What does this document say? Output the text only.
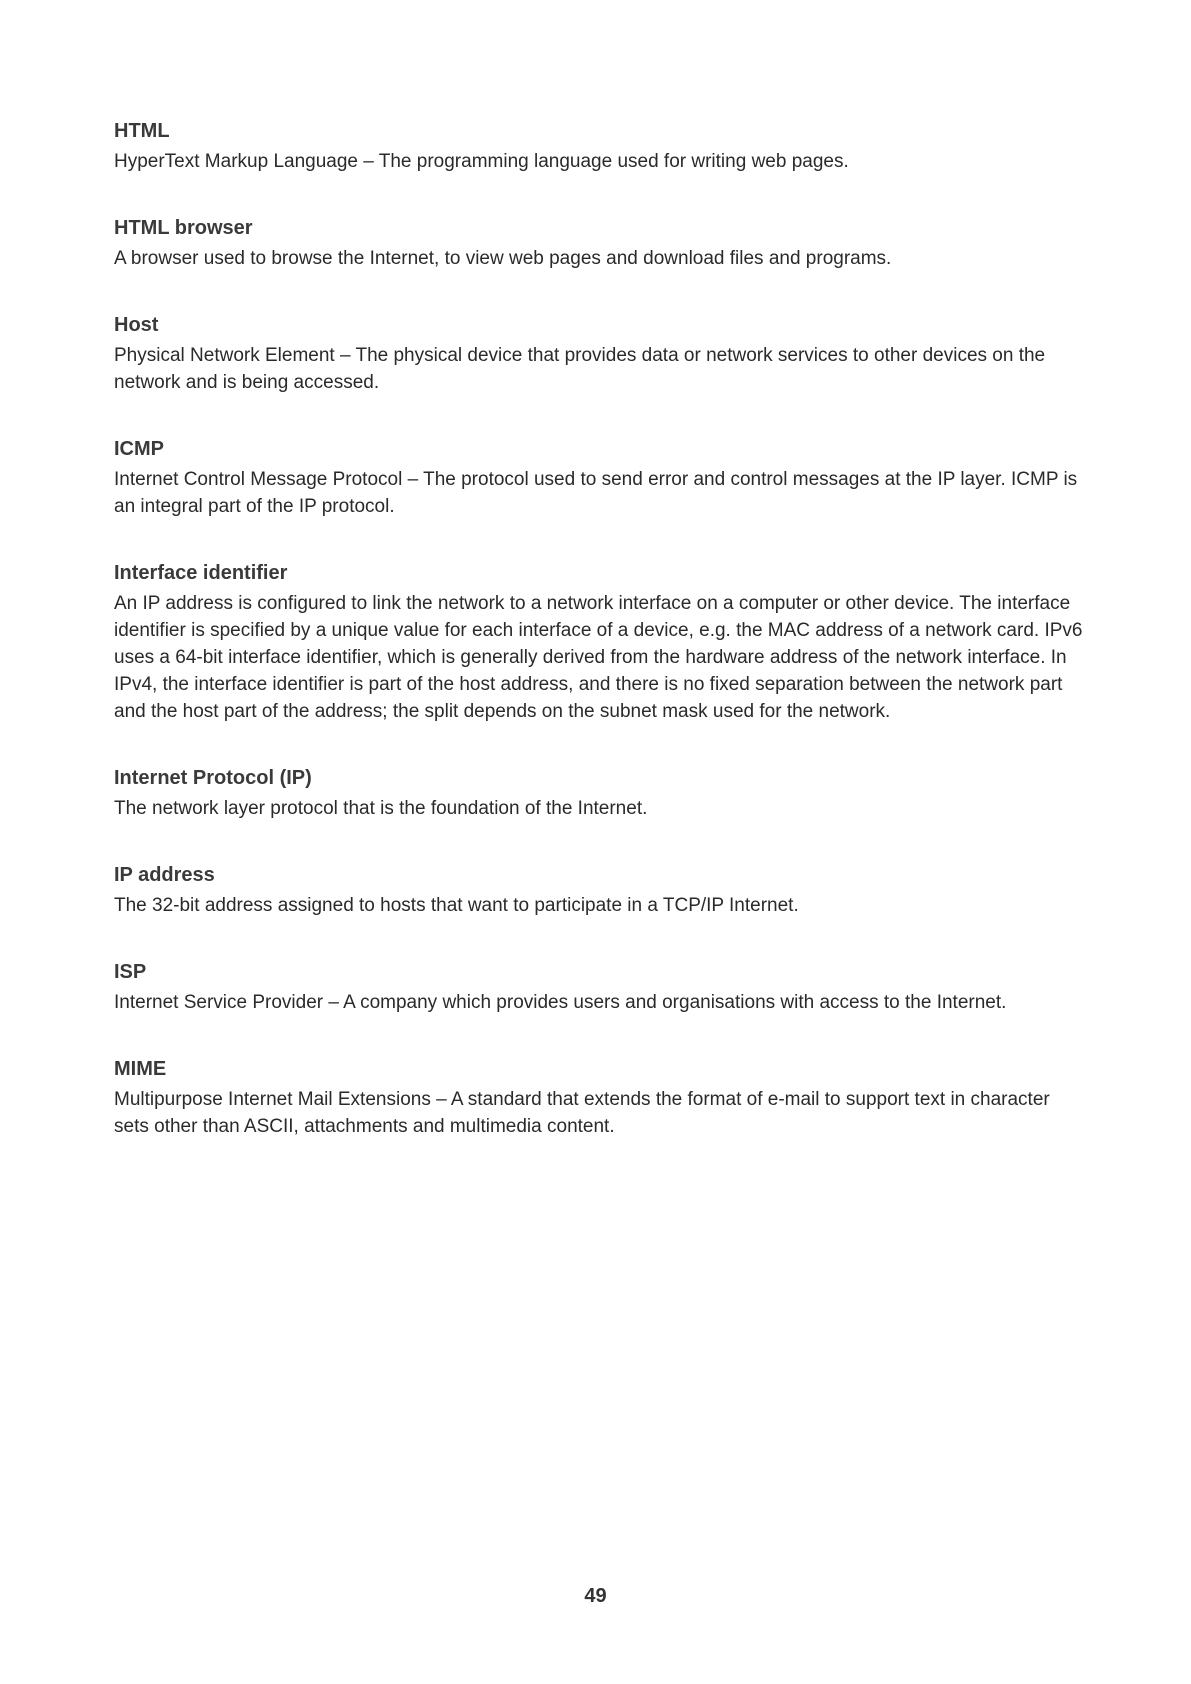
HTML

HyperText Markup Language – The programming language used for writing web pages.

HTML browser

A browser used to browse the Internet, to view web pages and download files and programs.

Host

Physical Network Element – The physical device that provides data or network services to other devices on the network and is being accessed.

ICMP

Internet Control Message Protocol – The protocol used to send error and control messages at the IP layer. ICMP is an integral part of the IP protocol.

Interface identifier

An IP address is configured to link the network to a network interface on a computer or other device. The interface identifier is specified by a unique value for each interface of a device, e.g. the MAC address of a network card. IPv6 uses a 64-bit interface identifier, which is generally derived from the hardware address of the network interface. In IPv4, the interface identifier is part of the host address, and there is no fixed separation between the network part and the host part of the address; the split depends on the subnet mask used for the network.

Internet Protocol (IP)

The network layer protocol that is the foundation of the Internet.

IP address

The 32-bit address assigned to hosts that want to participate in a TCP/IP Internet.

ISP

Internet Service Provider – A company which provides users and organisations with access to the Internet.

MIME

Multipurpose Internet Mail Extensions – A standard that extends the format of e-mail to support text in character sets other than ASCII, attachments and multimedia content.

49
